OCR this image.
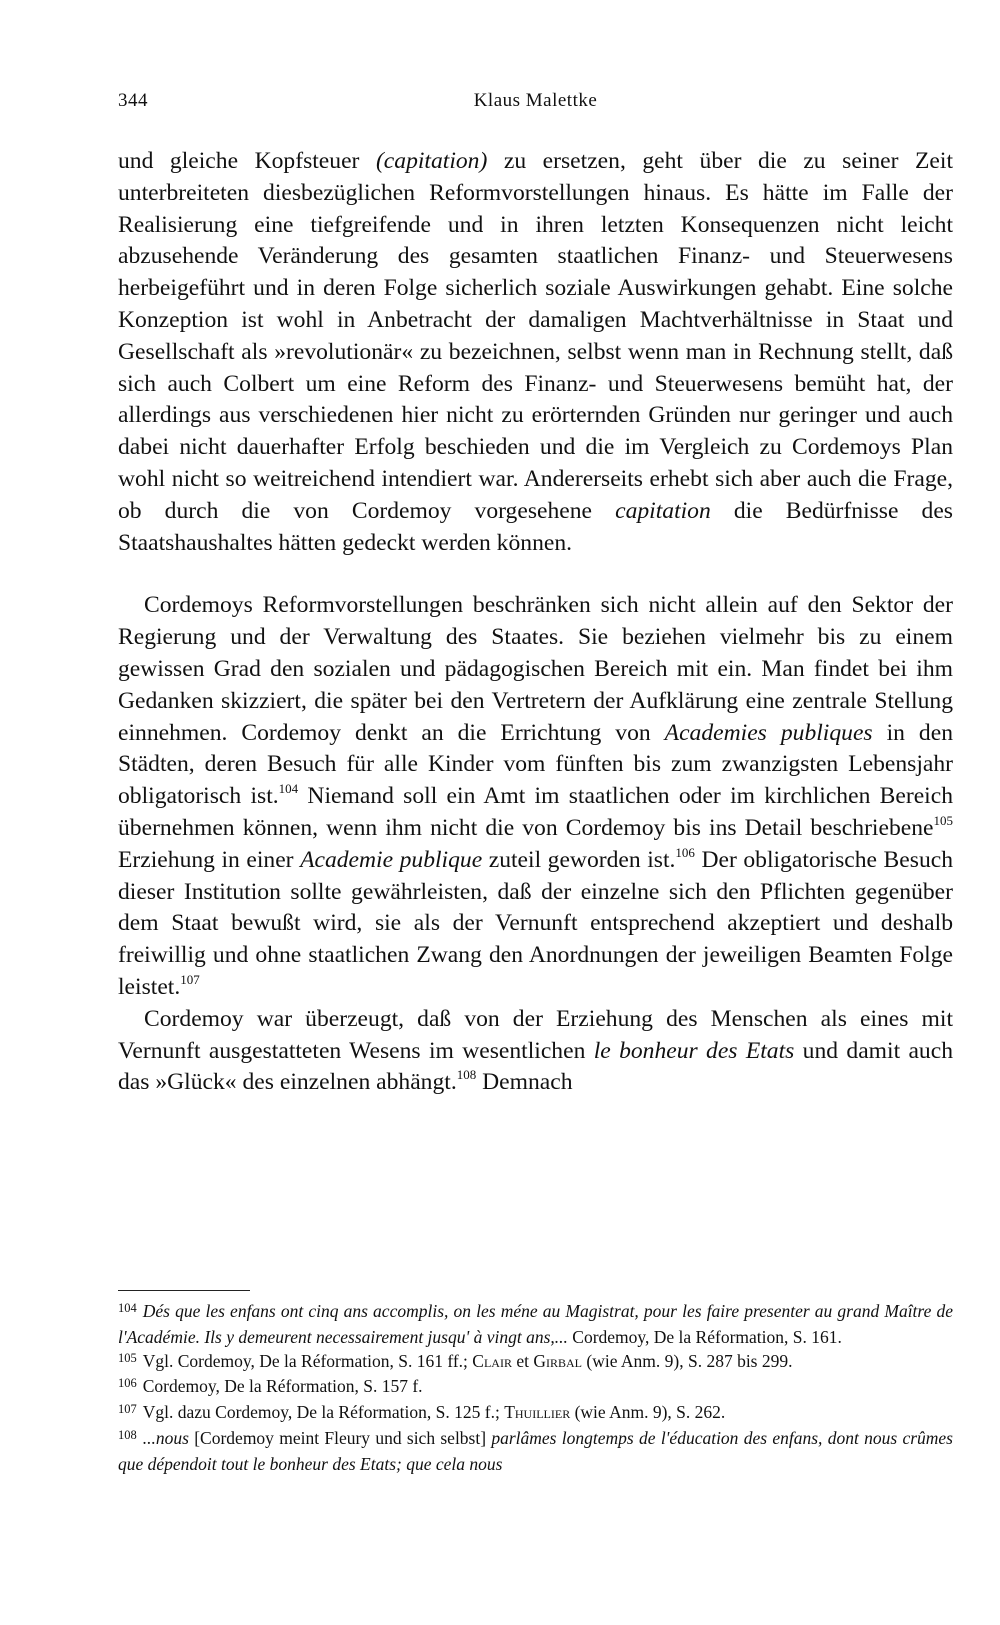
344	Klaus Malettke

und gleiche Kopfsteuer (capitation) zu ersetzen, geht über die zu seiner Zeit unterbreiteten diesbezüglichen Reformvorstellungen hinaus. Es hätte im Falle der Realisierung eine tiefgreifende und in ihren letzten Konsequenzen nicht leicht abzusehende Veränderung des gesamten staatlichen Finanz- und Steuerwesens herbeigeführt und in deren Folge sicherlich soziale Auswirkungen gehabt. Eine solche Konzeption ist wohl in Anbetracht der damaligen Machtverhältnisse in Staat und Gesellschaft als »revolutionär« zu bezeichnen, selbst wenn man in Rechnung stellt, daß sich auch Colbert um eine Reform des Finanz- und Steuerwesens bemüht hat, der allerdings aus verschiedenen hier nicht zu erörternden Gründen nur geringer und auch dabei nicht dauerhafter Erfolg beschieden und die im Vergleich zu Cordemoys Plan wohl nicht so weitreichend intendiert war. Andererseits erhebt sich aber auch die Frage, ob durch die von Cordemoy vorgesehene capitation die Bedürfnisse des Staatshaushaltes hätten gedeckt werden können.

Cordemoys Reformvorstellungen beschränken sich nicht allein auf den Sektor der Regierung und der Verwaltung des Staates. Sie beziehen vielmehr bis zu einem gewissen Grad den sozialen und pädagogischen Bereich mit ein. Man findet bei ihm Gedanken skizziert, die später bei den Vertretern der Aufklärung eine zentrale Stellung einnehmen. Cordemoy denkt an die Errichtung von Academies publiques in den Städten, deren Besuch für alle Kinder vom fünften bis zum zwanzigsten Lebensjahr obligatorisch ist.$^{104}$ Niemand soll ein Amt im staatlichen oder im kirchlichen Bereich übernehmen können, wenn ihm nicht die von Cordemoy bis ins Detail beschriebene$^{105}$ Erziehung in einer Academie publique zuteil geworden ist.$^{106}$ Der obligatorische Besuch dieser Institution sollte gewährleisten, daß der einzelne sich den Pflichten gegenüber dem Staat bewußt wird, sie als der Vernunft entsprechend akzeptiert und deshalb freiwillig und ohne staatlichen Zwang den Anordnungen der jeweiligen Beamten Folge leistet.$^{107}$

Cordemoy war überzeugt, daß von der Erziehung des Menschen als eines mit Vernunft ausgestatteten Wesens im wesentlichen le bonheur des Etats und damit auch das »Glück« des einzelnen abhängt.$^{108}$ Demnach

$^{104}$ Dés que les enfans ont cinq ans accomplis, on les méne au Magistrat, pour les faire presenter au grand Maître de l'Académie. Ils y demeurent necessairement jusqu' à vingt ans,... Cordemoy, De la Réformation, S. 161.

$^{105}$ Vgl. Cordemoy, De la Réformation, S. 161 ff.; Clair et Girbal (wie Anm. 9), S. 287 bis 299.

$^{106}$ Cordemoy, De la Réformation, S. 157 f.

$^{107}$ Vgl. dazu Cordemoy, De la Réformation, S. 125 f.; Thuillier (wie Anm. 9), S. 262.

$^{108}$ ...nous [Cordemoy meint Fleury und sich selbst] parlâmes longtemps de l'éducation des enfans, dont nous crûmes que dépendoit tout le bonheur des Etats; que cela nous
